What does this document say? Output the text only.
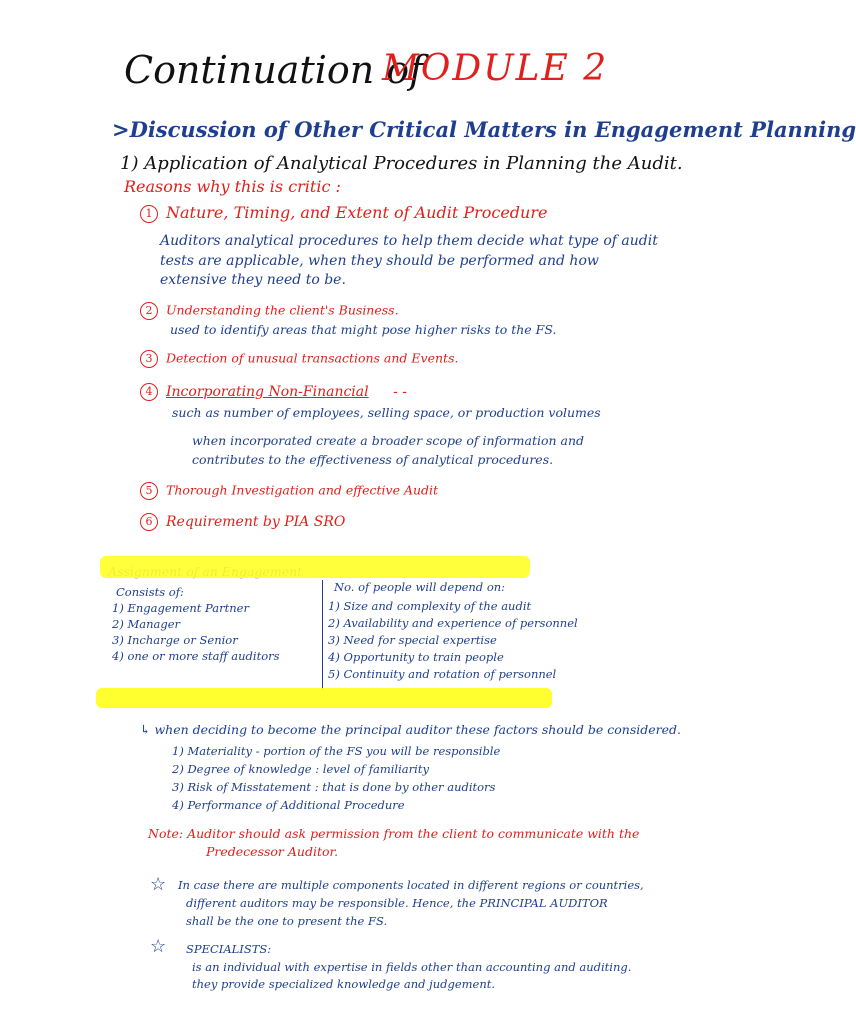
Continuation of
MODULE 2
>Discussion of Other Critical Matters in Engagement Planning
1) Application of Analytical Procedures in Planning the Audit.
Reasons why this is critic :
1 Nature, Timing, and Extent of Audit Procedure
Auditors analytical procedures to help them decide what type of audit
tests are applicable, when they should be performed and how
extensive they need to be.
2 Understanding the client's Business.
used to identify areas that might pose higher risks to the FS.
3 Detection of unusual transactions and Events.
4 Incorporating Non-Financial - -
such as number of employees, selling space, or production volumes
when incorporated create a broader scope of information and
contributes to the effectiveness of analytical procedures.
5 Thorough Investigation and effective Audit
6 Requirement by PIA SRO
Consists of:
1) Engagement Partner
2) Manager
3) Incharge or Senior
4) one or more staff auditors
No. of people will depend on:
1) Size and complexity of the audit
2) Availability and experience of personnel
3) Need for special expertise
4) Opportunity to train people
5) Continuity and rotation of personnel
↳ when deciding to become the principal auditor these factors should be considered.
1) Materiality - portion of the FS you will be responsible
2) Degree of knowledge : level of familiarity
3) Risk of Misstatement : that is done by other auditors
4) Performance of Additional Procedure
Note: Auditor should ask permission from the client to communicate with the
Predecessor Auditor.
☆ In case there are multiple components located in different regions or countries,
different auditors may be responsible. Hence, the PRINCIPAL AUDITOR
shall be the one to present the FS.
☆ SPECIALISTS:
is an individual with expertise in fields other than accounting and auditing.
they provide specialized knowledge and judgement.
